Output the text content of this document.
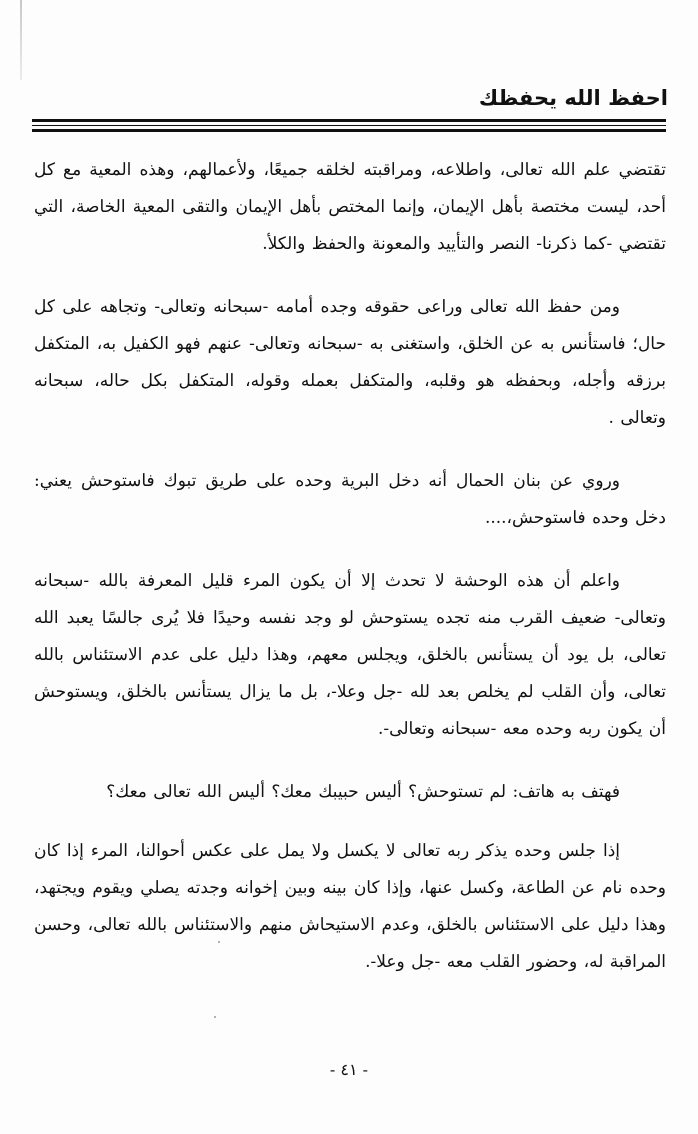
احفظ الله يحفظك

تقتضي علم الله تعالى، واطلاعه، ومراقبته لخلقه جميعًا، ولأعمالهم، وهذه المعية مع كل أحد، ليست مختصة بأهل الإيمان، وإنما المختص بأهل الإيمان والتقى المعية الخاصة، التي تقتضي -كما ذكرنا- النصر والتأييد والمعونة والحفظ والكلأ.

ومن حفظ الله تعالى وراعى حقوقه وجده أمامه -سبحانه وتعالى- وتجاهه على كل حال؛ فاستأنس به عن الخلق، واستغنى به -سبحانه وتعالى- عنهم فهو الكفيل به، المتكفل برزقه وأجله، وبحفظه هو وقلبه، والمتكفل بعمله وقوله، المتكفل بكل حاله، سبحانه وتعالى .

وروي عن بنان الحمال أنه دخل البرية وحده على طريق تبوك فاستوحش يعني: دخل وحده فاستوحش،....

واعلم أن هذه الوحشة لا تحدث إلا أن يكون المرء قليل المعرفة بالله -سبحانه وتعالى- ضعيف القرب منه تجده يستوحش لو وجد نفسه وحيدًا فلا يُرى جالسًا يعبد الله تعالى، بل يود أن يستأنس بالخلق، ويجلس معهم، وهذا دليل على عدم الاستئناس بالله تعالى، وأن القلب لم يخلص بعد لله -جل وعلا-، بل ما يزال يستأنس بالخلق، ويستوحش أن يكون ربه وحده معه -سبحانه وتعالى-.

فهتف به هاتف: لم تستوحش؟ أليس حبيبك معك؟ أليس الله تعالى معك؟

إذا جلس وحده يذكر ربه تعالى لا يكسل ولا يمل على عكس أحوالنا، المرء إذا كان وحده نام عن الطاعة، وكسل عنها، وإذا كان بينه وبين إخوانه وجدته يصلي ويقوم ويجتهد، وهذا دليل على الاستئناس بالخلق، وعدم الاستيحاش منهم والاستئناس بالله تعالى، وحسن المراقبة له، وحضور القلب معه -جل وعلا-.

- ٤١ -
